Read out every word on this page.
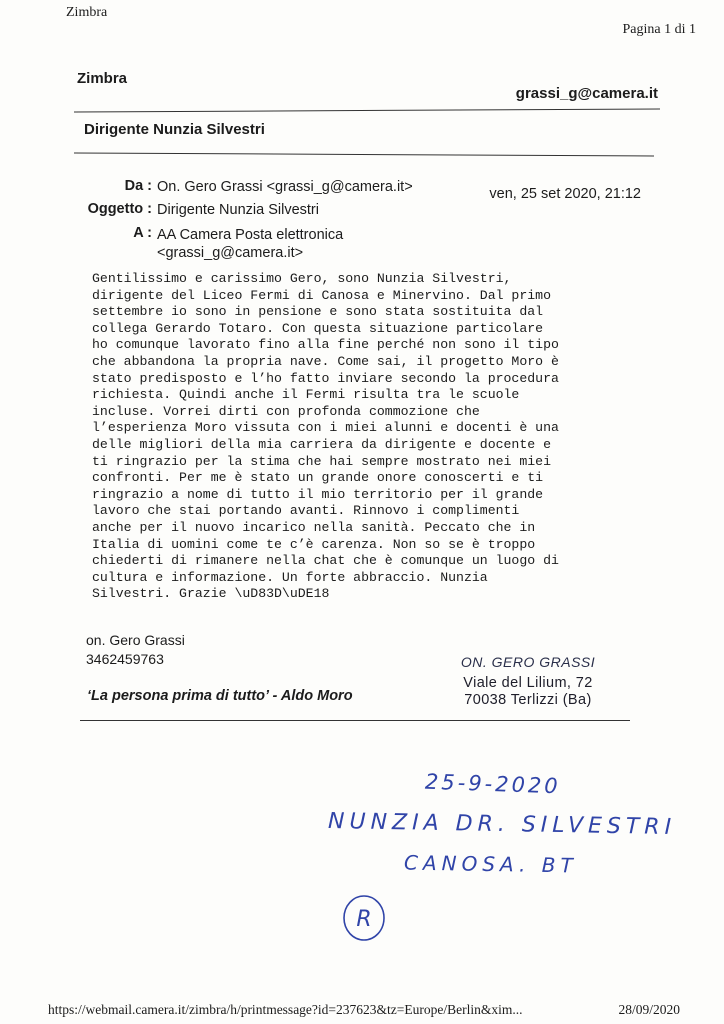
Zimbra
Pagina 1 di 1
Zimbra
grassi_g@camera.it
Dirigente Nunzia Silvestri
Da : On. Gero Grassi <grassi_g@camera.it>	ven, 25 set 2020, 21:12
Oggetto : Dirigente Nunzia Silvestri
A : AA Camera Posta elettronica
<grassi_g@camera.it>
Gentilissimo e carissimo Gero, sono Nunzia Silvestri,
dirigente del Liceo Fermi di Canosa e Minervino. Dal primo
settembre io sono in pensione e sono stata sostituita dal
collega Gerardo Totaro. Con questa situazione particolare
ho comunque lavorato fino alla fine perché non sono il tipo
che abbandona la propria nave. Come sai, il progetto Moro è
stato predisposto e l’ho fatto inviare secondo la procedura
richiesta. Quindi anche il Fermi risulta tra le scuole
incluse. Vorrei dirti con profonda commozione che
l’esperienza Moro vissuta con i miei alunni e docenti è una
delle migliori della mia carriera da dirigente e docente e
ti ringrazio per la stima che hai sempre mostrato nei miei
confronti. Per me è stato un grande onore conoscerti e ti
ringrazio a nome di tutto il mio territorio per il grande
lavoro che stai portando avanti. Rinnovo i complimenti
anche per il nuovo incarico nella sanità. Peccato che in
Italia di uomini come te c’è carenza. Non so se è troppo
chiederti di rimanere nella chat che è comunque un luogo di
cultura e informazione. Un forte abbraccio. Nunzia
Silvestri. Grazie \uD83D\uDE18
on. Gero Grassi
3462459763
‘La persona prima di tutto’ - Aldo Moro
ON. GERO GRASSI
Viale del Lilium, 72
70038 Terlizzi (Ba)
25-9-2020
NUNZIA DR. SILVESTRI
CANOSA. BT
R
https://webmail.camera.it/zimbra/h/printmessage?id=237623&tz=Europe/Berlin&xim...	28/09/2020
